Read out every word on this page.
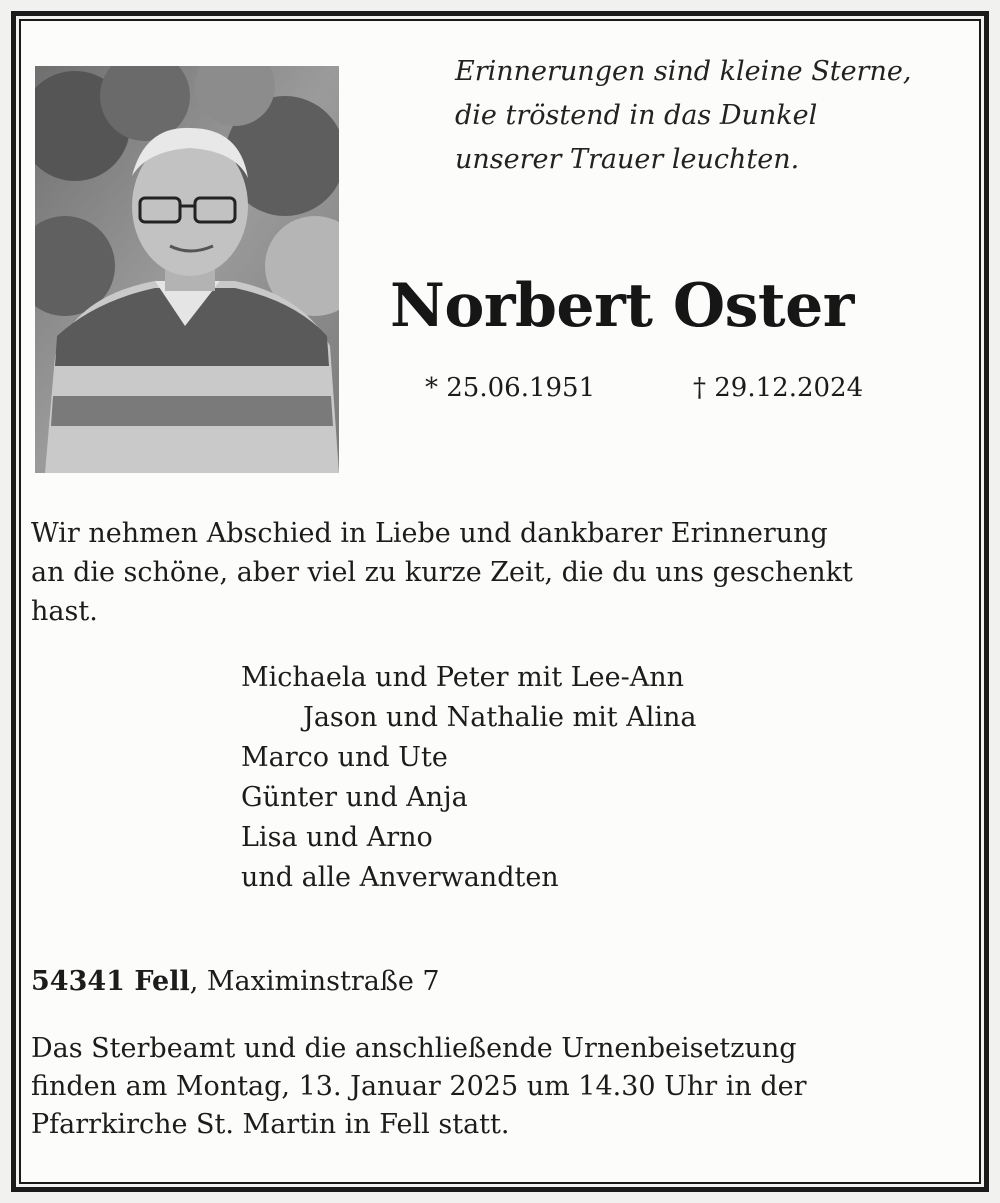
Erinnerungen sind kleine Sterne,
die tröstend in das Dunkel
unserer Trauer leuchten.
Norbert Oster
* 25.06.1951	† 29.12.2024
Wir nehmen Abschied in Liebe und dankbarer Erinnerung
an die schöne, aber viel zu kurze Zeit, die du uns geschenkt
hast.
Michaela und Peter mit Lee-Ann
Jason und Nathalie mit Alina
Marco und Ute
Günter und Anja
Lisa und Arno
und alle Anverwandten
54341 Fell, Maximinstraße 7
Das Sterbeamt und die anschließende Urnenbeisetzung
finden am Montag, 13. Januar 2025 um 14.30 Uhr in der
Pfarrkirche St. Martin in Fell statt.
